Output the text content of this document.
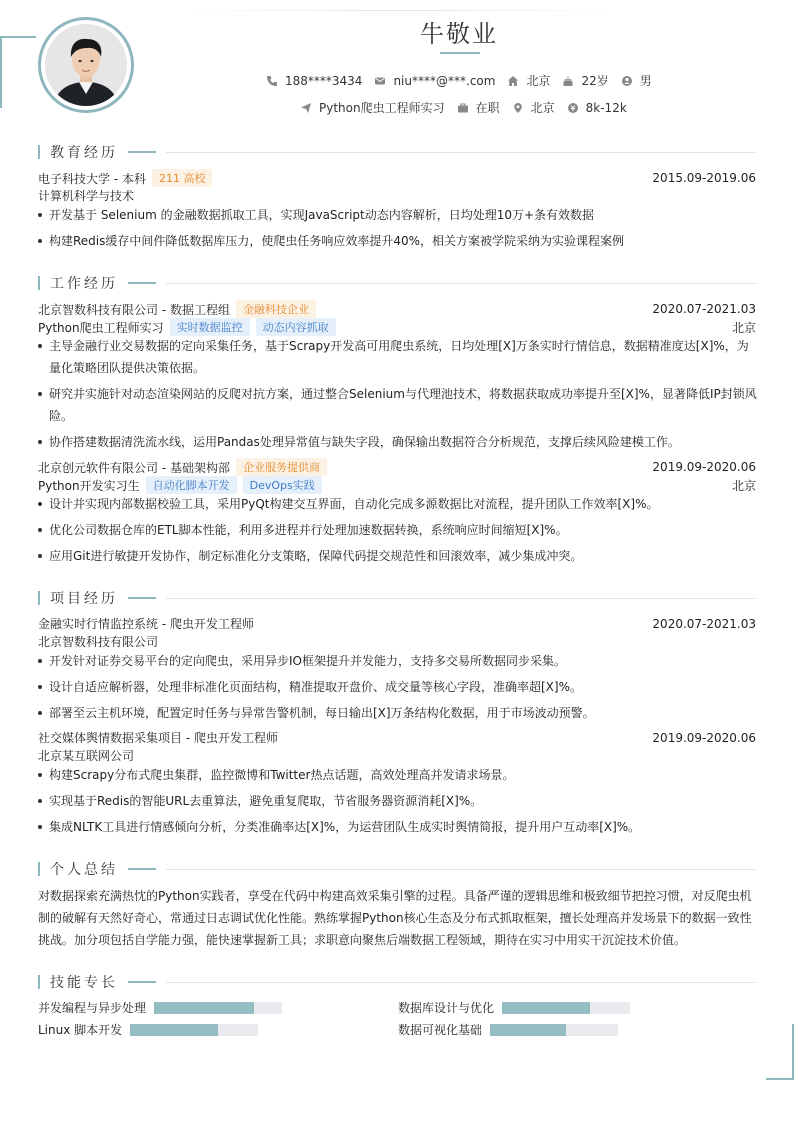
牛敬业
188****3434	niu****@***.com	北京	22岁	男
Python爬虫工程师实习	在职	北京	8k-12k
教育经历
电子科技大学 - 本科	211 高校	2015.09-2019.06
计算机科学与技术
开发基于 Selenium 的金融数据抓取工具，实现JavaScript动态内容解析，日均处理10万+条有效数据
构建Redis缓存中间件降低数据库压力，使爬虫任务响应效率提升40%，相关方案被学院采纳为实验课程案例
工作经历
北京智数科技有限公司 - 数据工程组	金融科技企业	2020.07-2021.03
Python爬虫工程师实习	实时数据监控	动态内容抓取	北京
主导金融行业交易数据的定向采集任务，基于Scrapy开发高可用爬虫系统，日均处理[X]万条实时行情信息，数据精准度达[X]%，为量化策略团队提供决策依据。
研究并实施针对动态渲染网站的反爬对抗方案，通过整合Selenium与代理池技术，将数据获取成功率提升至[X]%，显著降低IP封锁风险。
协作搭建数据清洗流水线，运用Pandas处理异常值与缺失字段，确保输出数据符合分析规范，支撑后续风险建模工作。
北京创元软件有限公司 - 基础架构部	企业服务提供商	2019.09-2020.06
Python开发实习生	自动化脚本开发	DevOps实践	北京
设计并实现内部数据校验工具，采用PyQt构建交互界面，自动化完成多源数据比对流程，提升团队工作效率[X]%。
优化公司数据仓库的ETL脚本性能，利用多进程并行处理加速数据转换，系统响应时间缩短[X]%。
应用Git进行敏捷开发协作，制定标准化分支策略，保障代码提交规范性和回滚效率，减少集成冲突。
项目经历
金融实时行情监控系统 - 爬虫开发工程师	2020.07-2021.03
北京智数科技有限公司
开发针对证券交易平台的定向爬虫，采用异步IO框架提升并发能力，支持多交易所数据同步采集。
设计自适应解析器，处理非标准化页面结构，精准提取开盘价、成交量等核心字段，准确率超[X]%。
部署至云主机环境，配置定时任务与异常告警机制，每日输出[X]万条结构化数据，用于市场波动预警。
社交媒体舆情数据采集项目 - 爬虫开发工程师	2019.09-2020.06
北京某互联网公司
构建Scrapy分布式爬虫集群，监控微博和Twitter热点话题，高效处理高并发请求场景。
实现基于Redis的智能URL去重算法，避免重复爬取，节省服务器资源消耗[X]%。
集成NLTK工具进行情感倾向分析，分类准确率达[X]%，为运营团队生成实时舆情简报，提升用户互动率[X]%。
个人总结
对数据探索充满热忱的Python实践者，享受在代码中构建高效采集引擎的过程。具备严谨的逻辑思维和极致细节把控习惯，对反爬虫机制的破解有天然好奇心，常通过日志调试优化性能。熟练掌握Python核心生态及分布式抓取框架，擅长处理高并发场景下的数据一致性挑战。加分项包括自学能力强，能快速掌握新工具；求职意向聚焦后端数据工程领域，期待在实习中用实干沉淀技术价值。
技能专长
并发编程与异步处理	数据库设计与优化
Linux 脚本开发	数据可视化基础
